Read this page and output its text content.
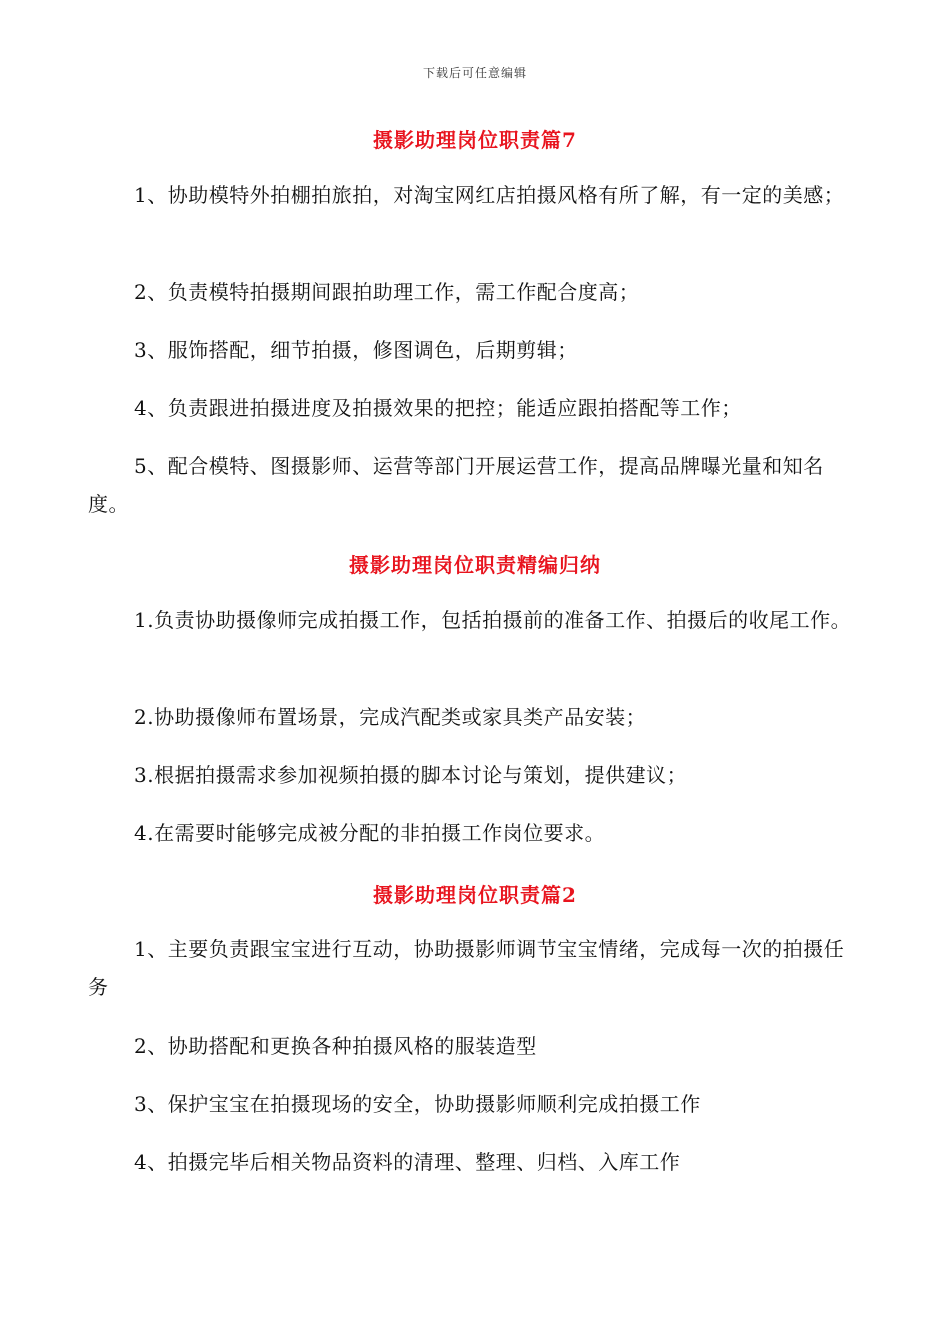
下载后可任意编辑
摄影助理岗位职责篇7
1、协助模特外拍棚拍旅拍，对淘宝网红店拍摄风格有所了解，有一定的美感；
2、负责模特拍摄期间跟拍助理工作，需工作配合度高；
3、服饰搭配，细节拍摄，修图调色，后期剪辑；
4、负责跟进拍摄进度及拍摄效果的把控；能适应跟拍搭配等工作；
5、配合模特、图摄影师、运营等部门开展运营工作，提高品牌曝光量和知名度。
摄影助理岗位职责精编归纳
1.负责协助摄像师完成拍摄工作，包括拍摄前的准备工作、拍摄后的收尾工作。
2.协助摄像师布置场景，完成汽配类或家具类产品安装；
3.根据拍摄需求参加视频拍摄的脚本讨论与策划，提供建议；
4.在需要时能够完成被分配的非拍摄工作岗位要求。
摄影助理岗位职责篇2
1、主要负责跟宝宝进行互动，协助摄影师调节宝宝情绪，完成每一次的拍摄任务
2、协助搭配和更换各种拍摄风格的服装造型
3、保护宝宝在拍摄现场的安全，协助摄影师顺利完成拍摄工作
4、拍摄完毕后相关物品资料的清理、整理、归档、入库工作
